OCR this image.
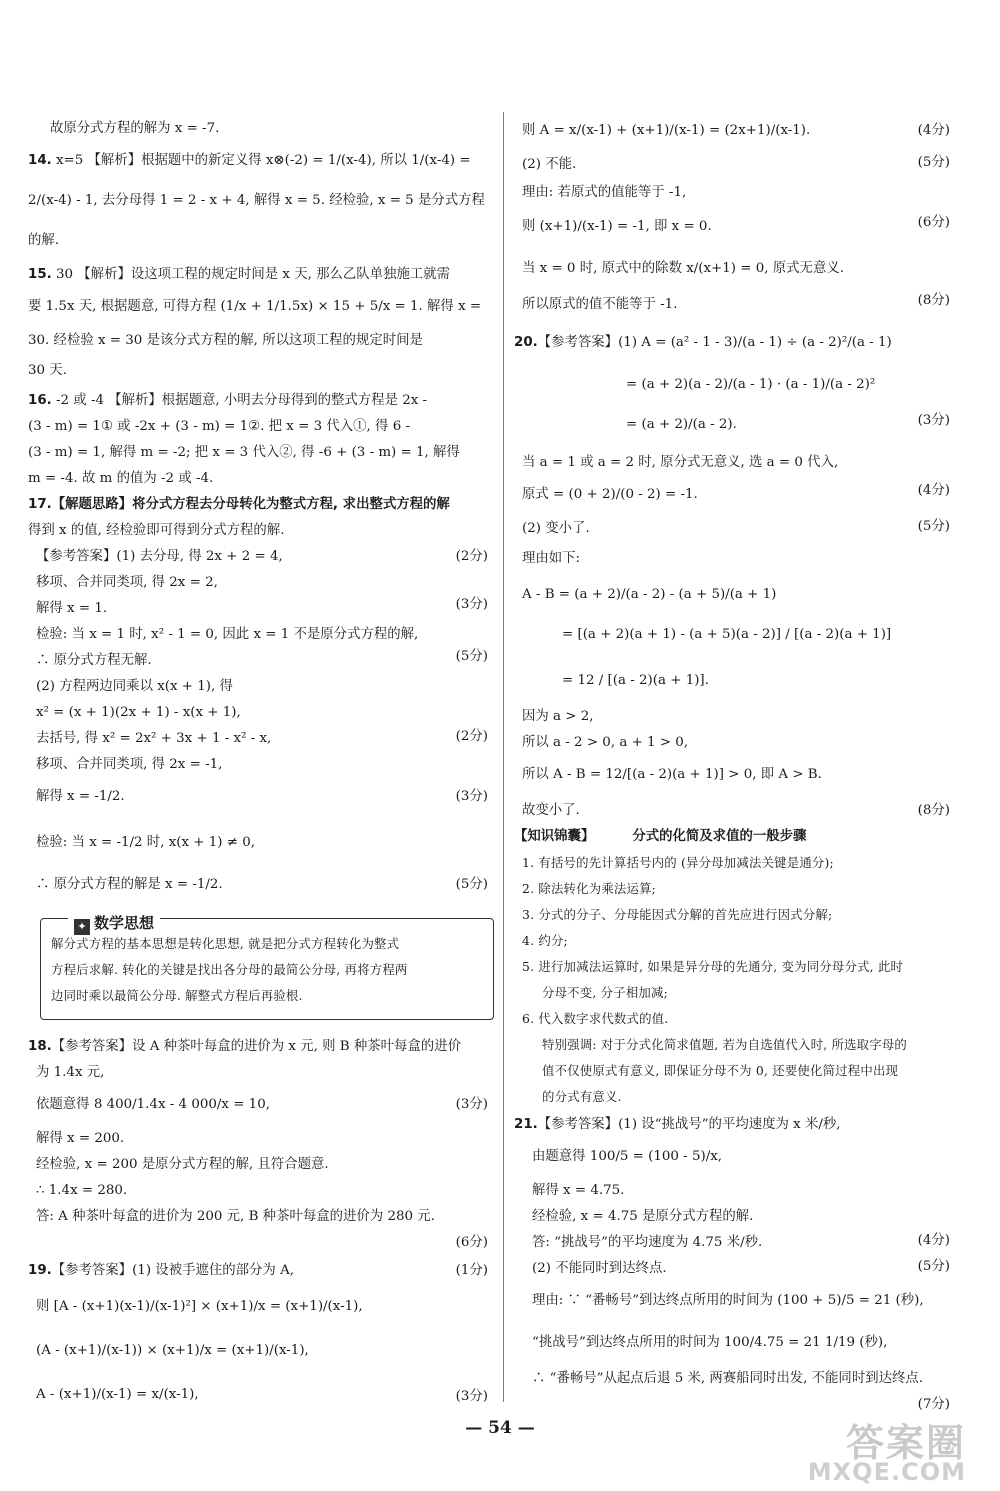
故原分式方程的解为 x = -7.
14. x=5 【解析】根据题中的新定义得 x⊗(-2) = 1/(x-4), 所以 1/(x-4) =
2/(x-4) - 1, 去分母得 1 = 2 - x + 4, 解得 x = 5. 经检验, x = 5 是分式方程
的解.
15. 30 【解析】设这项工程的规定时间是 x 天, 那么乙队单独施工就需
要 1.5x 天, 根据题意, 可得方程 (1/x + 1/1.5x) × 15 + 5/x = 1. 解得 x =
30. 经检验 x = 30 是该分式方程的解, 所以这项工程的规定时间是
30 天.
16. -2 或 -4 【解析】根据题意, 小明去分母得到的整式方程是 2x -
(3 - m) = 1① 或 -2x + (3 - m) = 1②. 把 x = 3 代入①, 得 6 -
(3 - m) = 1, 解得 m = -2; 把 x = 3 代入②, 得 -6 + (3 - m) = 1, 解得
m = -4. 故 m 的值为 -2 或 -4.
17.【解题思路】将分式方程去分母转化为整式方程, 求出整式方程的解
得到 x 的值, 经检验即可得到分式方程的解.
【参考答案】(1) 去分母, 得 2x + 2 = 4,	(2分)
移项、合并同类项, 得 2x = 2,
解得 x = 1.	(3分)
检验: 当 x = 1 时, x² - 1 = 0, 因此 x = 1 不是原分式方程的解,
∴ 原分式方程无解.	(5分)
(2) 方程两边同乘以 x(x + 1), 得
x² = (x + 1)(2x + 1) - x(x + 1),
去括号, 得 x² = 2x² + 3x + 1 - x² - x,	(2分)
移项、合并同类项, 得 2x = -1,
解得 x = -1/2.	(3分)
检验: 当 x = -1/2 时, x(x + 1) ≠ 0,
∴ 原分式方程的解是 x = -1/2.	(5分)
18.【参考答案】设 A 种茶叶每盒的进价为 x 元, 则 B 种茶叶每盒的进价
为 1.4x 元,
依题意得 8 400/1.4x - 4 000/x = 10,	(3分)
解得 x = 200.
经检验, x = 200 是原分式方程的解, 且符合题意.
∴ 1.4x = 280.
答: A 种茶叶每盒的进价为 200 元, B 种茶叶每盒的进价为 280 元.
(6分)
19.【参考答案】(1) 设被手遮住的部分为 A,	(1分)
则 [A - (x+1)(x-1)/(x-1)²] × (x+1)/x = (x+1)/(x-1),
(A - (x+1)/(x-1)) × (x+1)/x = (x+1)/(x-1),
A - (x+1)/(x-1) = x/(x-1),	(3分)
解分式方程的基本思想是转化思想, 就是把分式方程转化为整式
方程后求解. 转化的关键是找出各分母的最简公分母, 再将方程两
边同时乘以最简公分母. 解整式方程后再验根.
✦ 数学思想
则 A = x/(x-1) + (x+1)/(x-1) = (2x+1)/(x-1).	(4分)
(2) 不能.	(5分)
理由: 若原式的值能等于 -1,
则 (x+1)/(x-1) = -1, 即 x = 0.	(6分)
当 x = 0 时, 原式中的除数 x/(x+1) = 0, 原式无意义.
所以原式的值不能等于 -1.	(8分)
20.【参考答案】(1) A = (a² - 1 - 3)/(a - 1) ÷ (a - 2)²/(a - 1)
= (a + 2)(a - 2)/(a - 1) · (a - 1)/(a - 2)²
= (a + 2)/(a - 2).	(3分)
当 a = 1 或 a = 2 时, 原分式无意义, 选 a = 0 代入,
原式 = (0 + 2)/(0 - 2) = -1.	(4分)
(2) 变小了.	(5分)
理由如下:
A - B = (a + 2)/(a - 2) - (a + 5)/(a + 1)
= [(a + 2)(a + 1) - (a + 5)(a - 2)] / [(a - 2)(a + 1)]
= 12 / [(a - 2)(a + 1)].
因为 a > 2,
所以 a - 2 > 0, a + 1 > 0,
所以 A - B = 12/[(a - 2)(a + 1)] > 0, 即 A > B.
故变小了.	(8分)
【知识锦囊】	分式的化简及求值的一般步骤
1. 有括号的先计算括号内的 (异分母加减法关键是通分);
2. 除法转化为乘法运算;
3. 分式的分子、分母能因式分解的首先应进行因式分解;
4. 约分;
5. 进行加减法运算时, 如果是异分母的先通分, 变为同分母分式, 此时
分母不变, 分子相加减;
6. 代入数字求代数式的值.
特别强调: 对于分式化简求值题, 若为自选值代入时, 所选取字母的
值不仅使原式有意义, 即保证分母不为 0, 还要使化简过程中出现
的分式有意义.
21.【参考答案】(1) 设“挑战号”的平均速度为 x 米/秒,
由题意得 100/5 = (100 - 5)/x,
解得 x = 4.75.
经检验, x = 4.75 是原分式方程的解.
答: “挑战号”的平均速度为 4.75 米/秒.	(4分)
(2) 不能同时到达终点.	(5分)
理由: ∵ “番畅号”到达终点所用的时间为 (100 + 5)/5 = 21 (秒),
“挑战号”到达终点所用的时间为 100/4.75 = 21 1/19 (秒),
∴ “番畅号”从起点后退 5 米, 两赛船同时出发, 不能同时到达终点.
(7分)
— 54 —	答案圈
MXQE.COM
